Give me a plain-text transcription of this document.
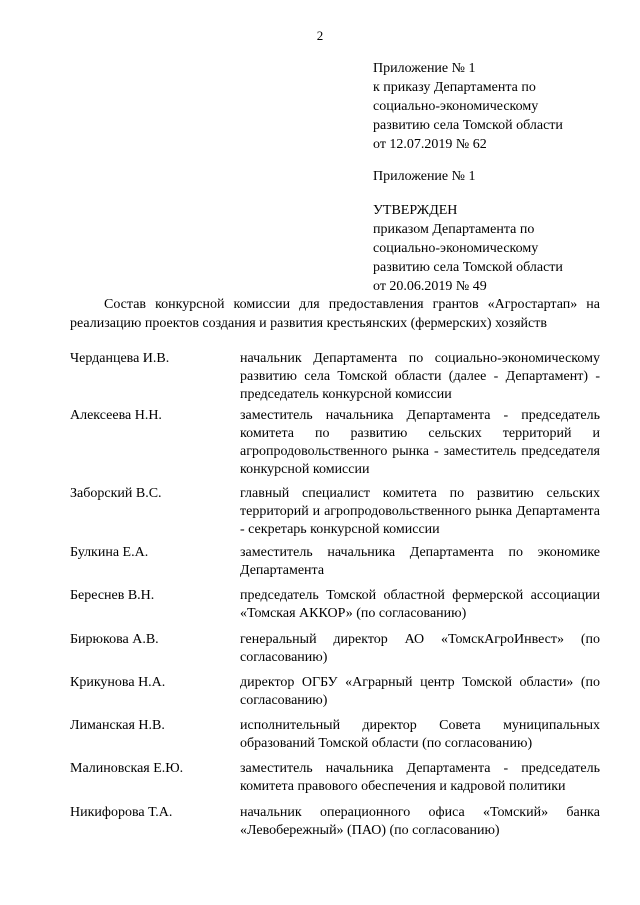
2
Приложение № 1
к приказу Департамента по
социально-экономическому
развитию села Томской области
от 12.07.2019 № 62
Приложение № 1
УТВЕРЖДЕН
приказом Департамента по
социально-экономическому
развитию села Томской области
от 20.06.2019 № 49
Состав конкурсной комиссии для предоставления грантов «Агростартап» на реализацию проектов создания и развития крестьянских (фермерских) хозяйств
Черданцева И.В.	начальник Департамента по социально-экономическому развитию села Томской области (далее - Департамент) - председатель конкурсной комиссии
Алексеева Н.Н.	заместитель начальника Департамента - председатель комитета по развитию сельских территорий и агропродовольственного рынка - заместитель председателя конкурсной комиссии
Заборский В.С.	главный специалист комитета по развитию сельских территорий и агропродовольственного рынка Департамента - секретарь конкурсной комиссии
Булкина Е.А.	заместитель начальника Департамента по экономике Департамента
Береснев В.Н.	председатель Томской областной фермерской ассоциации «Томская АККОР» (по согласованию)
Бирюкова А.В.	генеральный директор АО «ТомскАгроИнвест» (по согласованию)
Крикунова Н.А.	директор ОГБУ «Аграрный центр Томской области» (по согласованию)
Лиманская Н.В.	исполнительный директор Совета муниципальных образований Томской области (по согласованию)
Малиновская Е.Ю.	заместитель начальника Департамента - председатель комитета правового обеспечения и кадровой политики
Никифорова Т.А.	начальник операционного офиса «Томский» банка «Левобережный» (ПАО) (по согласованию)
